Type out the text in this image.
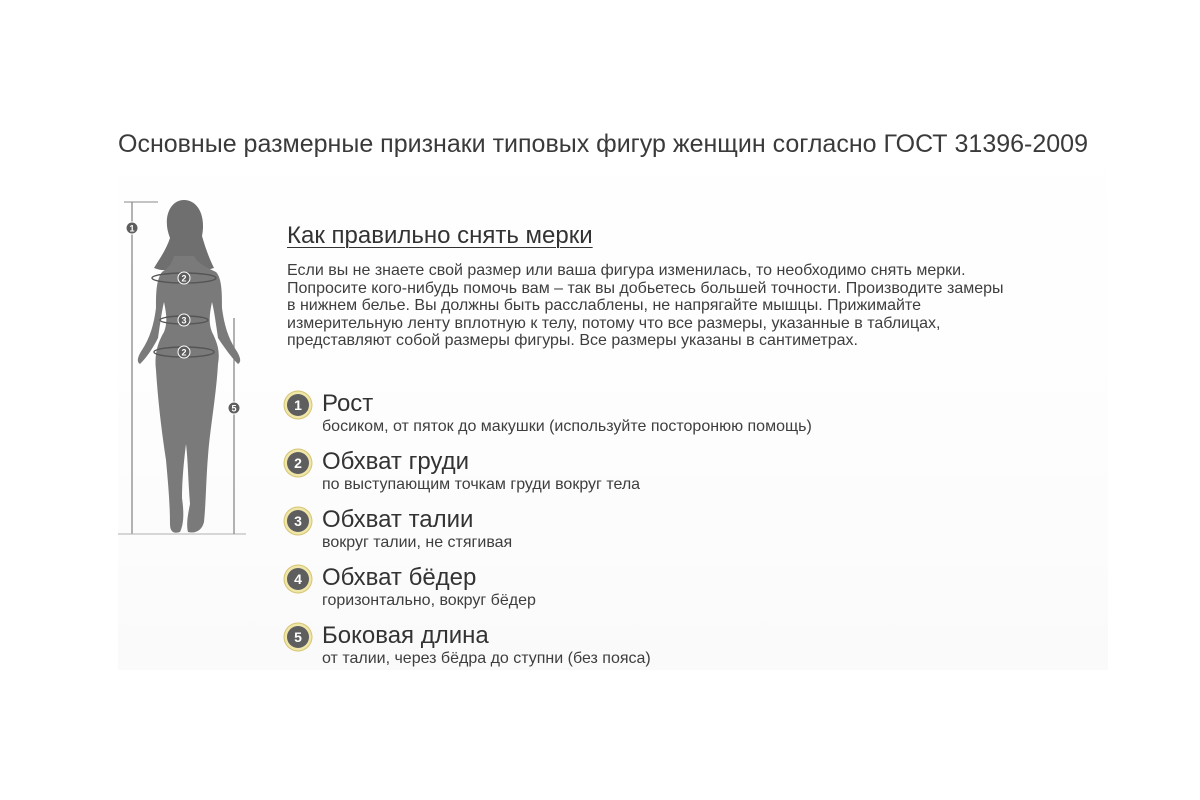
Основные размерные признаки типовых фигур женщин согласно ГОСТ 31396-2009
1
2
3
2
5
Как правильно снять мерки

Если вы не знаете свой размер или ваша фигура изменилась, то необходимо снять мерки. Попросите кого-нибудь помочь вам – так вы добьетесь большей точности. Производите замеры в нижнем белье. Вы должны быть расслаблены, не напрягайте мышцы. Прижимайте измерительную ленту вплотную к телу, потому что все размеры, указанные в таблицах, представляют собой размеры фигуры. Все размеры указаны в сантиметрах.

1 Рост
босиком, от пяток до макушки (используйте посторонюю помощь)
2 Обхват груди
по выступающим точкам груди вокруг тела
3 Обхват талии
вокруг талии, не стягивая
4 Обхват бёдер
горизонтально, вокруг бёдер
5 Боковая длина
от талии, через бёдра до ступни (без пояса)
